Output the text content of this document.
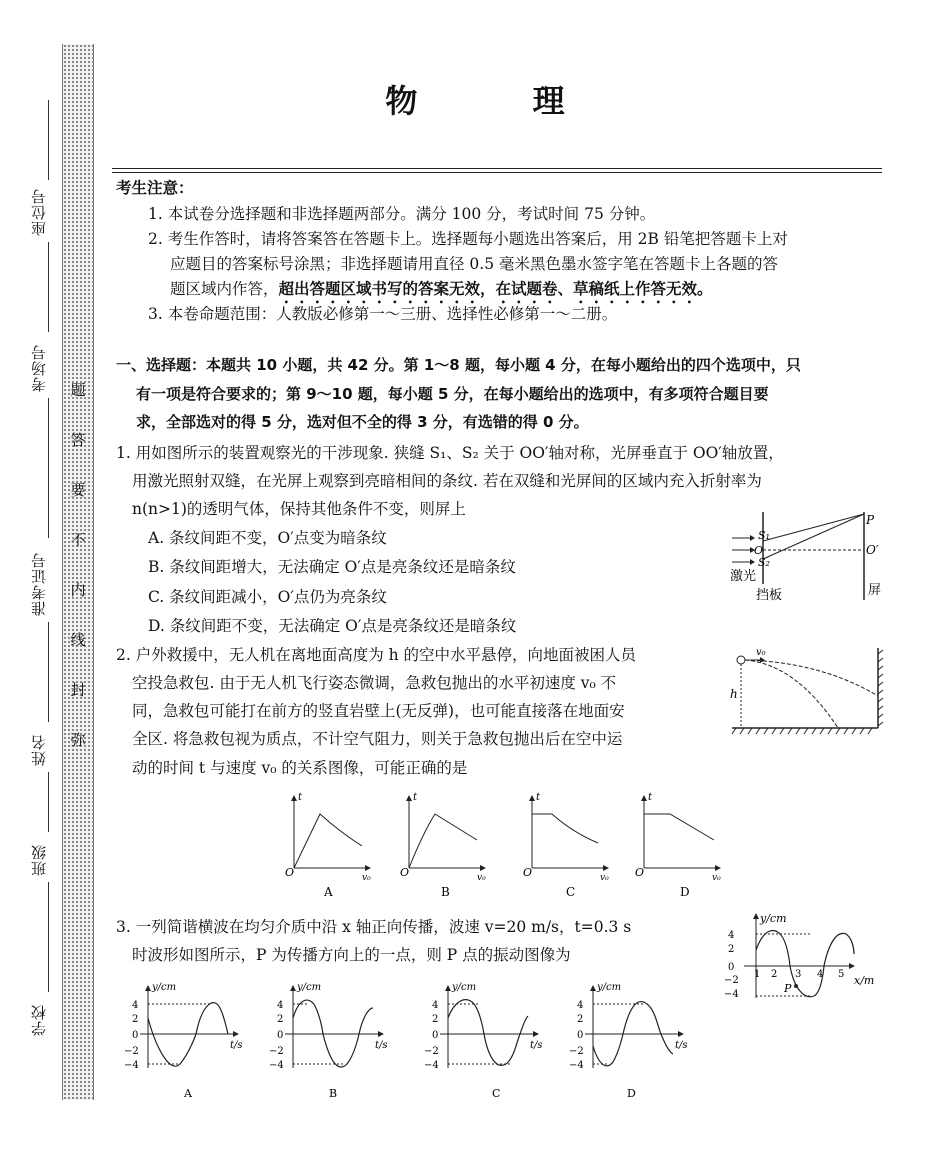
座位号
考场号
准考证号
姓名
班级
学校
题
答
要
不
内
线
封
弥
物 理
考生注意：
1. 本试卷分选择题和非选择题两部分。满分 100 分，考试时间 75 分钟。
2. 考生作答时，请将答案答在答题卡上。选择题每小题选出答案后，用 2B 铅笔把答题卡上对
应题目的答案标号涂黑；非选择题请用直径 0.5 毫米黑色墨水签字笔在答题卡上各题的答
题区域内作答，超出答题区域书写的答案无效，在试题卷、草稿纸上作答无效。
3. 本卷命题范围：人教版必修第一～三册、选择性必修第一～二册。
一、选择题：本题共 10 小题，共 42 分。第 1～8 题，每小题 4 分，在每小题给出的四个选项中，只
有一项是符合要求的；第 9～10 题，每小题 5 分，在每小题给出的选项中，有多项符合题目要
求，全部选对的得 5 分，选对但不全的得 3 分，有选错的得 0 分。
1. 用如图所示的装置观察光的干涉现象. 狭缝 S₁、S₂ 关于 OO′轴对称，光屏垂直于 OO′轴放置，
用激光照射双缝，在光屏上观察到亮暗相间的条纹. 若在双缝和光屏间的区域内充入折射率为
n(n>1)的透明气体，保持其他条件不变，则屏上
A. 条纹间距不变，O′点变为暗条纹
B. 条纹间距增大，无法确定 O′点是亮条纹还是暗条纹
C. 条纹间距减小，O′点仍为亮条纹
D. 条纹间距不变，无法确定 O′点是亮条纹还是暗条纹
P
S₁
O
S₂
O′
激光
挡板	屏
2. 户外救援中，无人机在离地面高度为 h 的空中水平悬停，向地面被困人员
空投急救包. 由于无人机飞行姿态微调，急救包抛出的水平初速度 v₀ 不
同，急救包可能打在前方的竖直岩壁上(无反弹)，也可能直接落在地面安
全区. 将急救包视为质点，不计空气阻力，则关于急救包抛出后在空中运
动的时间 t 与速度 v₀ 的关系图像，可能正确的是
v₀
h
t
v₀
O
A
t
v₀
O
B
t
v₀
O
C
t
v₀
O
D
3. 一列简谐横波在均匀介质中沿 x 轴正向传播，波速 v=20 m/s，t=0.3 s
时波形如图所示，P 为传播方向上的一点，则 P 点的振动图像为
y/cm
x/m
4
2
0
−2
−4
1 2 3 4 5
P
y/cm
t/s
4
2
0
−2
−4
A
y/cm
t/s
4
2
0
−2
−4
B
y/cm
t/s
4
2
0
−2
−4
C
y/cm
t/s
4
2
0
−2
−4
D
